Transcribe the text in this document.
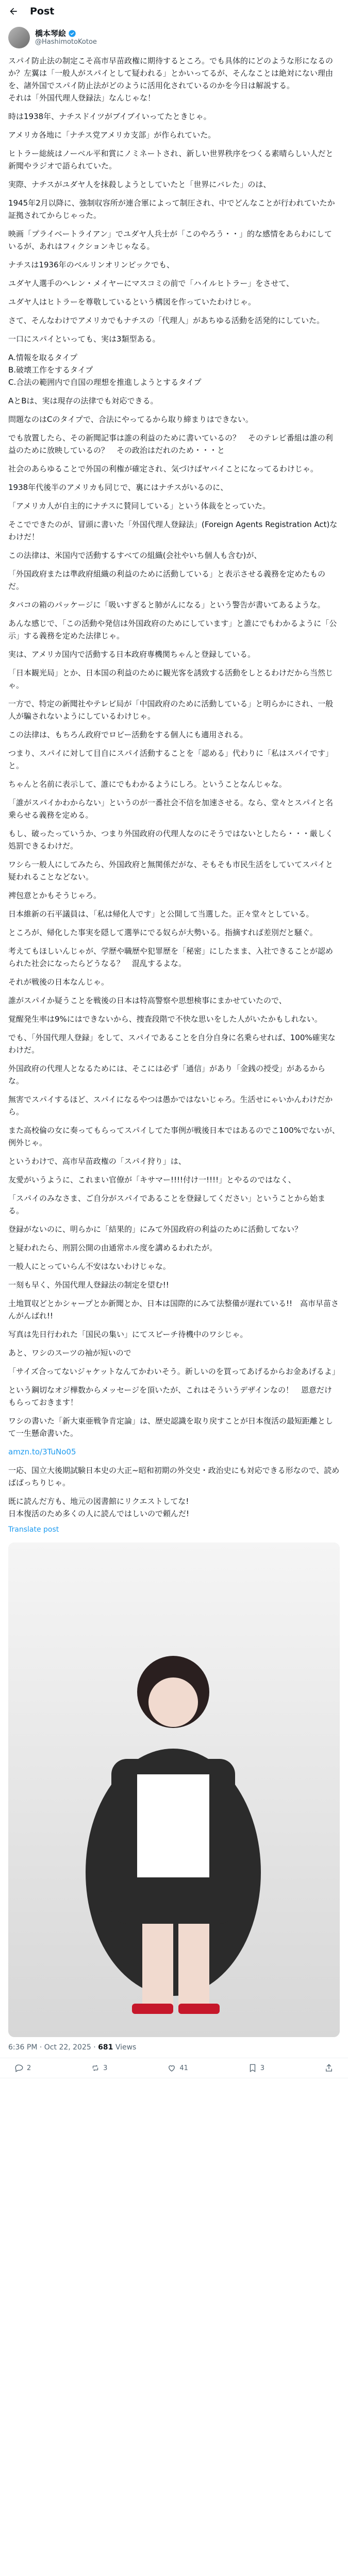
Post
橋本琴絵
@HashimotoKotoe

スパイ防止法の制定こそ高市早苗政権に期待するところ。でも具体的にどのような形になるのか？左翼は「一般人がスパイとして疑われる」とかいってるが、そんなことは絶対にない理由を、諸外国でスパイ防止法がどのように活用化されているのかを今日は解説する。
それは「外国代理人登録法」なんじゃな！

時は1938年、ナチスドイツがブイブイいってたときじゃ。

アメリカ各地に「ナチス党アメリカ支部」が作られていた。

ヒトラー総統はノーベル平和賞にノミネートされ、新しい世界秩序をつくる素晴らしい人だと新聞やラジオで語られていた。

実際、ナチスがユダヤ人を抹殺しようとしていたと「世界にバレた」のは、

1945年2月以降に、強制収容所が連合軍によって制圧され、中でどんなことが行われていたか証拠されてからじゃった。

映画「プライベートライアン」でユダヤ人兵士が「このやろう・・」的な感情をあらわにしているが、あれはフィクションキじゃなる。

ナチスは1936年のベルリンオリンピックでも、

ユダヤ人選手のヘレン・メイヤーにマスコミの前で「ハイルヒトラー」をさせて、

ユダヤ人はヒトラーを尊敬しているという構図を作っていたわけじゃ。

さて、そんなわけでアメリカでもナチスの「代理人」があちゆる活動を活発的にしていた。

一口にスパイといっても、実は3類型ある。

A.情報を取るタイプ
B.破壊工作をするタイプ
C.合法の範囲内で自国の理想を推進しようとするタイプ

AとBは、実は現存の法律でも対応できる。

問題なのはCのタイプで、合法にやってるから取り締まりはできない。

でも放置したら、その新聞記事は誰の利益のために書いているの？　そのテレビ番組は誰の利益のために放映しているの？　その政治はだれのため・・・と

社会のあらゆることで外国の利権が確定され、気づけばヤバイことになってるわけじゃ。

1938年代後半のアメリカも同じで、裏にはナチスがいるのに、

「アメリカ人が自主的にナチスに賛同している」という体裁をとっていた。

そこでできたのが、冒頭に書いた「外国代理人登録法」(Foreign Agents Registration Act)なわけだ！

この法律は、米国内で活動するすべての組織(会社やいち個人も含む)が、

「外国政府または準政府組織の利益のために活動している」と表示させる義務を定めたものだ。

タバコの箱のパッケージに「吸いすぎると肺がんになる」という警告が書いてあるような。

あんな感じで、「この活動や発信は外国政府のためにしています」と誰にでもわかるように「公示」する義務を定めた法律じゃ。

実は、アメリカ国内で活動する日本政府専機関ちゃんと登録している。

「日本観光局」とか、日本国の利益のために観光客を誘致する活動をしとるわけだから当然じゃ。

一方で、特定の新聞社やテレビ局が「中国政府のために活動している」と明らかにされ、一般人が騙されないようにしているわけじゃ。

この法律は、もちろん政府でロビー活動をする個人にも適用される。

つまり、スパイに対して目自にスパイ活動することを「認める」代わりに「私はスパイです」と。

ちゃんと名前に表示して、誰にでもわかるようにしろ。ということなんじゃな。

「誰がスパイかわからない」というのが一番社会不信を加速させる。なら、堂々とスパイと名乗らせる義務を定める。

もし、破ったっていうか、つまり外国政府の代理人なのにそうではないとしたら・・・厳しく処罰できるわけだ。

ワシら一般人にしてみたら、外国政府と無関係だがな、そもそも市民生活をしていてスパイと疑われることなどない。

裨包意とかもそうじゃろ。

日本維新の石平議員は、「私は帰化人です」と公開して当選した。正々堂々としている。

ところが、帰化した事実を隠して選挙にでる奴らが大勢いる。指摘すれば差別だと騒ぐ。

考えてもほしいんじゃが、学歴や職歴や犯罪歴を「秘密」にしたまま、入社できることが認められた社会になったらどうなる？　混乱するよな。

それが戦後の日本なんじゃ。

誰がスパイか疑うことを戦後の日本は特高警察や思想検事にまかせていたので、

覚醒発生率は9%にはできないから、捜査段階で不快な思いをした人がいたかもしれない。

でも、「外国代理人登録」をして、スパイであることを自分自身に名乗らせれば、100%確実なわけだ。

外国政府の代理人となるためには、そこには必ず「通信」があり「金銭の授受」があるからな。

無害でスパイするほど、スパイになるやつは愚かではないじゃろ。生活せにゃいかんわけだから。

また高校倫の女に奏ってもらってスパイしてた事例が戦後日本ではあるのでこ100%でないが、例外じゃ。

というわけで、高市早苗政権の「スパイ狩り」は、

友愛がいうように、これまい官僚が「キサマー!!!!付け一!!!!」とやるのではなく、

「スパイのみなさま、ご自分がスパイであることを登録してください」ということから始まる。

登録がないのに、明らかに「結果的」にみて外国政府の利益のために活動してない？

と疑われたら、刑罰公開の由通常ホル度を講めるわれたが。

一般人にとっていらん不安はないわけじゃな。

一刻も早く、外国代理人登録法の制定を望む!!

土地買収どとかシャープとか新聞とか、日本は国際的にみて法整備が遅れている!!　高市早苗さんがんばれ!!

写真は先日行われた「国民の集い」にてスピーチ待機中のワシじゃ。

あと、ワシのスーツの袖が短いので

「サイズ合ってないジャケットなんてかわいそう。新しいのを買ってあげるからお金あげるよ」

という鋼切なオジ樺数からメッセージを頂いたが、これはそういうデザインなの！　恩意だけもらっておきます！

ワシの書いた「新大東亜戦争肯定論」は、歴史認識を取り戻すことが日本復活の最短距離として一生懸命書いた。

amzn.to/3TuNo05

一応、国立大後期試験日本史の大正~昭和初期の外交史・政治史にも対応できる形なので、読めばばっちりじゃ。

既に読んだ方も、地元の図書館にリクエストしてな!
日本復活のため多くの人に読んではしいので頼んだ!

Translate post
6:36 PM · Oct 22, 2025 · 681 Views
2	3	41	3
